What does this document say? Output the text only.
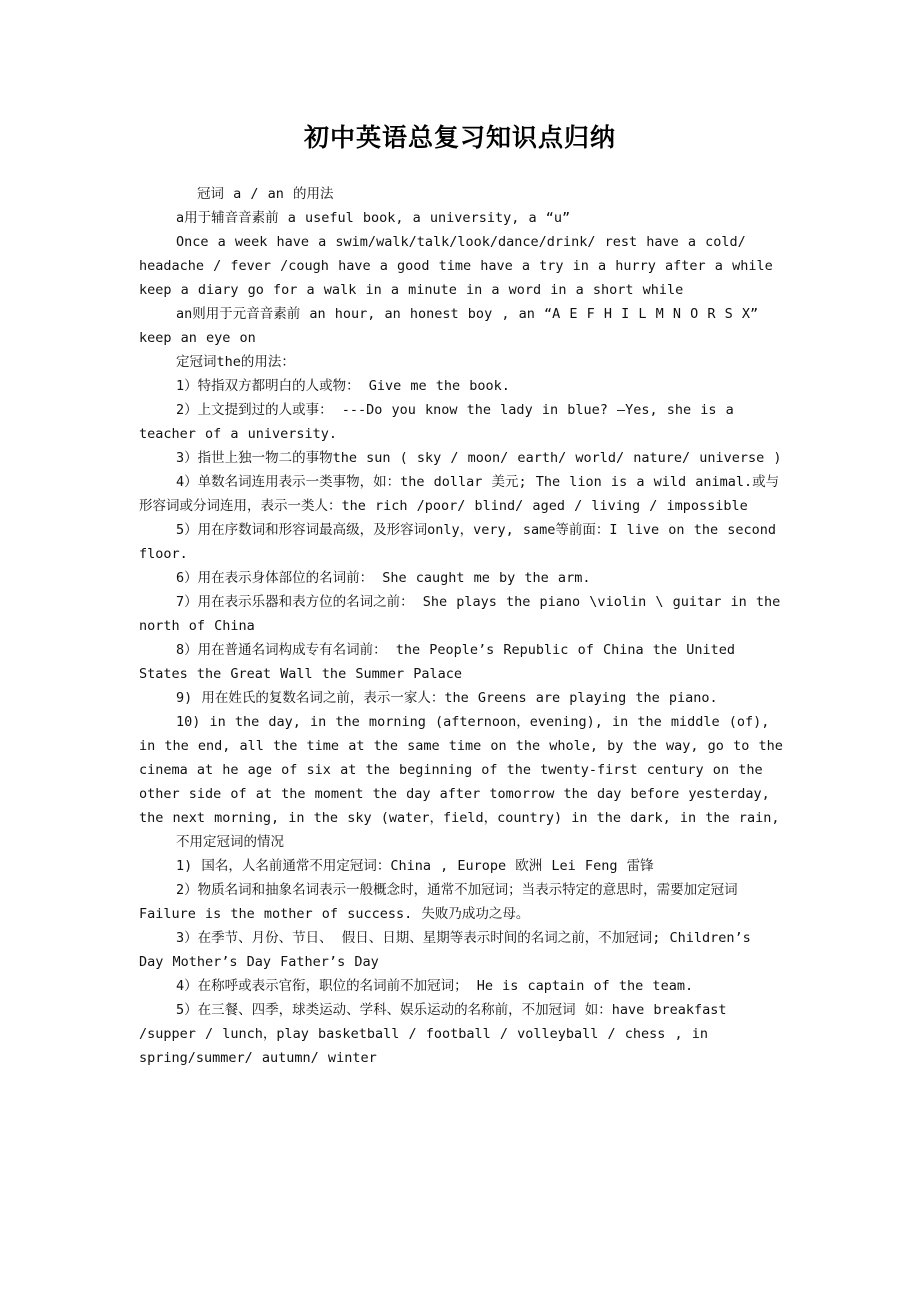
初中英语总复习知识点归纳

冠词 a / an 的用法

a用于辅音音素前 a useful book, a university, a “u”

Once a week have a swim/walk/talk/look/dance/drink/ rest have a cold/ headache / fever /cough have a good time have a try in a hurry after a while keep a diary go for a walk in a minute in a word in a short while

an则用于元音音素前 an hour, an honest boy , an “A E F H I L M N O R S X” keep an eye on

定冠词the的用法：

1）特指双方都明白的人或物： Give me the book.

2）上文提到过的人或事： ---Do you know the lady in blue? –Yes, she is a teacher of a university.

3）指世上独一物二的事物the sun ( sky / moon/ earth/ world/ nature/ universe )

4）单数名词连用表示一类事物，如：the dollar 美元; The lion is a wild animal.或与形容词或分词连用，表示一类人：the rich /poor/ blind/ aged / living / impossible

5）用在序数词和形容词最高级，及形容词only，very, same等前面：I live on the second floor.

6）用在表示身体部位的名词前： She caught me by the arm.

7）用在表示乐器和表方位的名词之前： She plays the piano \violin \ guitar in the north of China

8）用在普通名词构成专有名词前： the People’s Republic of China the United States the Great Wall the Summer Palace

9) 用在姓氏的复数名词之前，表示一家人：the Greens are playing the piano.

10) in the day, in the morning (afternoon，evening), in the middle (of), in the end, all the time at the same time on the whole, by the way, go to the cinema at he age of six at the beginning of the twenty-first century on the other side of at the moment the day after tomorrow the day before yesterday, the next morning, in the sky (water，field，country) in the dark, in the rain,

不用定冠词的情况

1) 国名，人名前通常不用定冠词：China , Europe 欧洲 Lei Feng 雷锋

2）物质名词和抽象名词表示一般概念时，通常不加冠词；当表示特定的意思时，需要加定冠词Failure is the mother of success. 失败乃成功之母。

3）在季节、月份、节日、 假日、日期、星期等表示时间的名词之前，不加冠词; Children’s Day Mother’s Day Father’s Day

4）在称呼或表示官衔，职位的名词前不加冠词； He is captain of the team.

5）在三餐、四季，球类运动、学科、娱乐运动的名称前，不加冠词 如：have breakfast /supper / lunch，play basketball / football / volleyball / chess , in spring/summer/ autumn/ winter
